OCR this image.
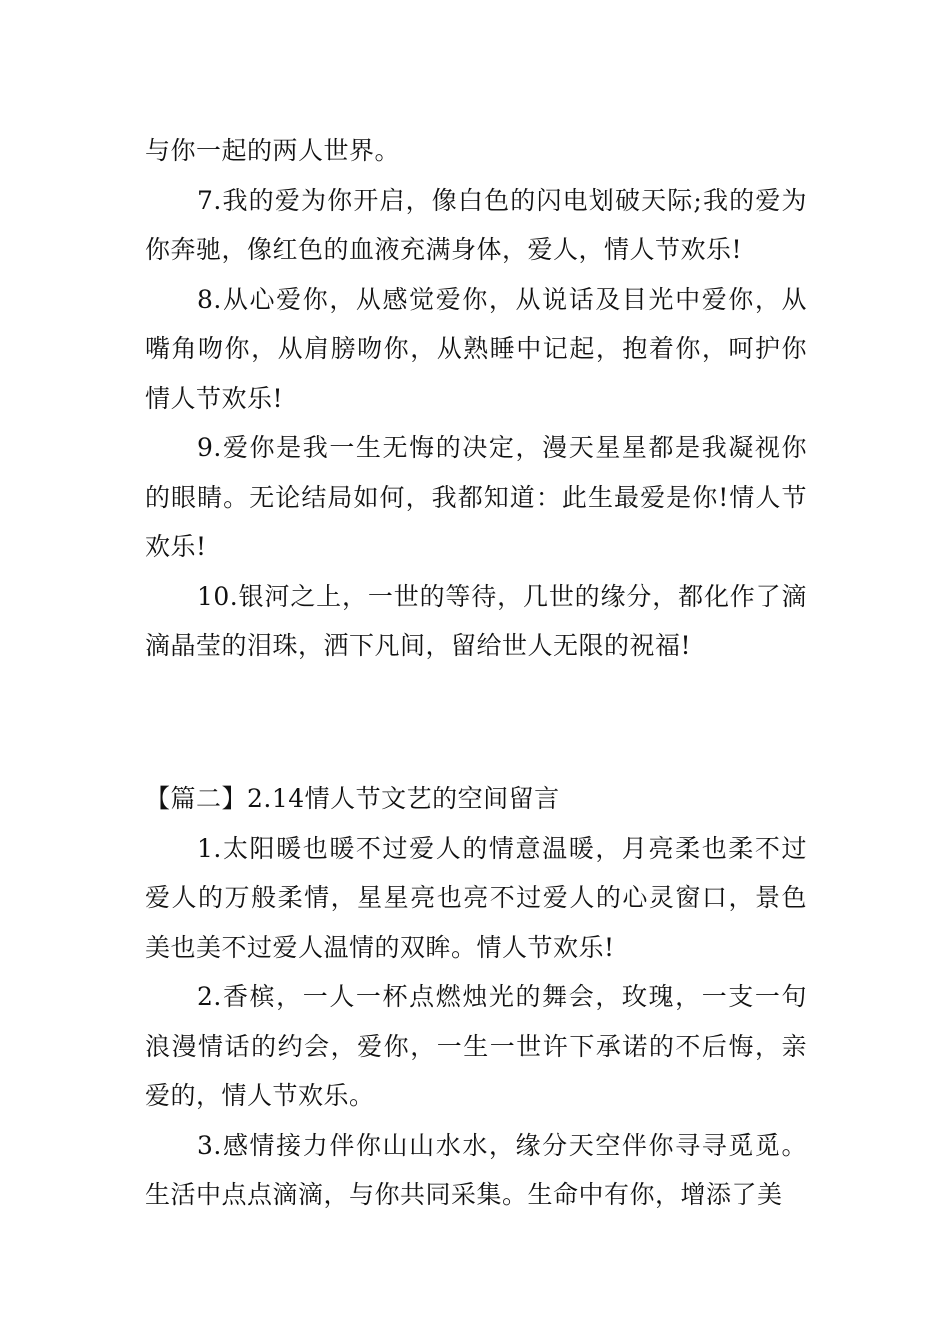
与你一起的两人世界。

7.我的爱为你开启，像白色的闪电划破天际;我的爱为你奔驰，像红色的血液充满身体，爱人，情人节欢乐!

8.从心爱你，从感觉爱你，从说话及目光中爱你，从嘴角吻你，从肩膀吻你，从熟睡中记起，抱着你，呵护你情人节欢乐!

9.爱你是我一生无悔的决定，漫天星星都是我凝视你的眼睛。无论结局如何，我都知道：此生最爱是你!情人节欢乐!

10.银河之上，一世的等待，几世的缘分，都化作了滴滴晶莹的泪珠，洒下凡间，留给世人无限的祝福!

【篇二】2.14情人节文艺的空间留言

1.太阳暖也暖不过爱人的情意温暖，月亮柔也柔不过爱人的万般柔情，星星亮也亮不过爱人的心灵窗口，景色美也美不过爱人温情的双眸。情人节欢乐!

2.香槟，一人一杯点燃烛光的舞会，玫瑰，一支一句浪漫情话的约会，爱你，一生一世许下承诺的不后悔，亲爱的，情人节欢乐。

3.感情接力伴你山山水水，缘分天空伴你寻寻觅觅。生活中点点滴滴，与你共同采集。生命中有你，增添了美
